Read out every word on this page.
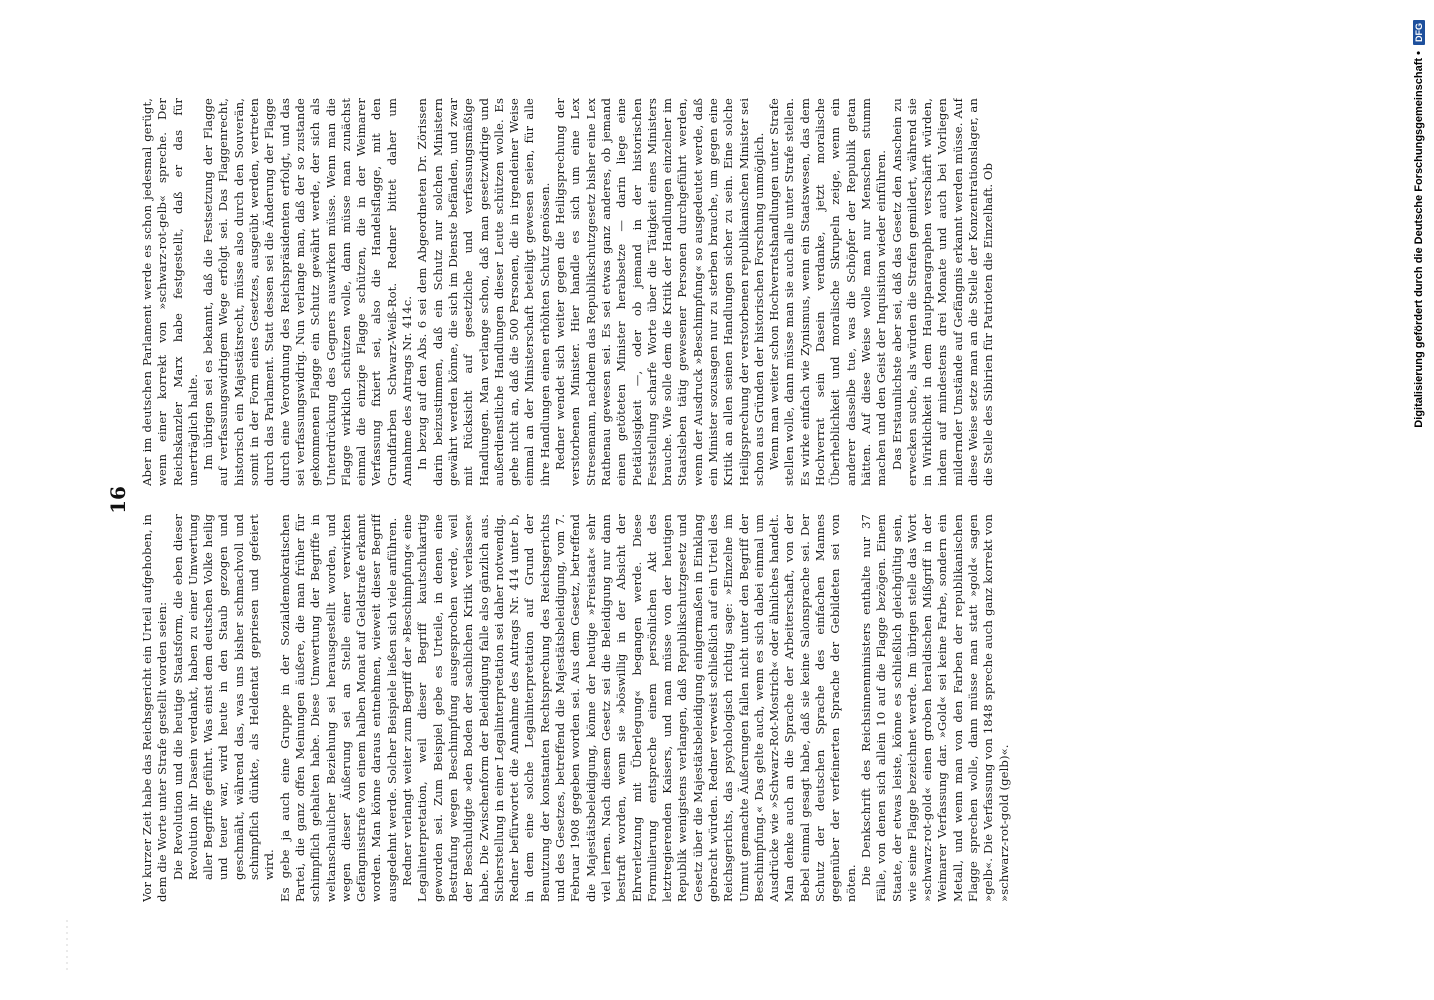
16

Vor kurzer Zeit habe das Reichsgericht ein Urteil aufgehoben, in dem die Worte unter Strafe gestellt worden seien: Die Revolution und die heutige Staatsform, die eben dieser Revolution ihr Dasein verdankt, haben zu einer Umwertung aller Begriffe geführt. Was einst dem deutschen Volke heilig und teuer war, wird heute in den Staub gezogen und geschmäht, während das, was uns bisher schmachvoll und schimpflich dünkte, als Heldentat gepriesen und gefeiert wird. Es gebe ja auch eine Gruppe in der Sozialdemokratischen Partei, die ganz offen Meinungen äußere, die man früher für schimpflich gehalten habe. Diese Umwertung der Begriffe in weltanschaulicher Beziehung sei herausgestellt worden, und wegen dieser Äußerung sei an Stelle einer verwirkten Gefängnisstrafe von einem halben Monat auf Geldstrafe erkannt worden. Man könne daraus entnehmen, wieweit dieser Begriff ausgedehnt werde. Solcher Beispiele ließen sich viele anführen. Redner verlangt weiter zum Begriff der »Beschimpfung« eine Legalinterpretation, weil dieser Begriff kautschukartig geworden sei. Zum Beispiel gebe es Urteile, in denen eine Bestrafung wegen Beschimpfung ausgesprochen werde, weil der Beschuldigte »den Boden der sachlichen Kritik verlassen« habe. Die Zwischenform der Beleidigung falle also gänzlich aus. Sicherstellung in einer Legalinterpretation sei daher notwendig. Redner befürwortet die Annahme des Antrags Nr. 414 unter b, in dem eine solche Legalinterpretation auf Grund der Benutzung der konstanten Rechtsprechung des Reichsgerichts und des Gesetzes, betreffend die Majestätsbeleidigung, vom 7. Februar 1908 gegeben worden sei. Aus dem Gesetz, betreffend die Majestätsbeleidigung, könne der heutige »Freistaat« sehr viel lernen. Nach diesem Gesetz sei die Beleidigung nur dann bestraft worden, wenn sie »böswillig in der Absicht der Ehrverletzung mit Überlegung« begangen werde. Diese Formulierung entspreche einem persönlichen Akt des letztregierenden Kaisers, und man müsse von der heutigen Republik wenigstens verlangen, daß Republikschutzgesetz und Gesetz über die Majestätsbeleidigung einigermaßen in Einklang gebracht würden. Redner verweist schließlich auf ein Urteil des Reichsgerichts, das psychologisch richtig sage: »Einzelne im Unmut gemachte Äußerungen fallen nicht unter den Begriff der Beschimpfung.« Das gelte auch, wenn es sich dabei einmal um Ausdrücke wie »Schwarz-Rot-Mostrich« oder ähnliches handelt. Man denke auch an die Sprache der Arbeiterschaft, von der Bebel einmal gesagt habe, daß sie keine Salonsprache sei. Der Schutz der deutschen Sprache des einfachen Mannes gegenüber der verfeinerten Sprache der Gebildeten sei von nöten. Die Denkschrift des Reichsinnenministers enthalte nur 37 Fälle, von denen sich allein 10 auf die Flagge bezögen. Einem Staate, der etwas leiste, könne es schließlich gleichgültig sein, wie seine Flagge bezeichnet werde. Im übrigen stelle das Wort »schwarz-rot-gold« einen groben heraldischen Mißgriff in der Weimarer Verfassung dar. »Gold« sei keine Farbe, sondern ein Metall, und wenn man von den Farben der republikanischen Flagge sprechen wolle, dann müsse man statt »gold« sagen »gelb«. Die Verfassung von 1848 spreche auch ganz korrekt von »schwarz-rot-gold (gelb)«.

Aber im deutschen Parlament werde es schon jedesmal gerügt, wenn einer korrekt von »schwarz-rot-gelb« spreche. Der Reichskanzler Marx habe festgestellt, daß er das für unerträglich halte. Im übrigen sei es bekannt, daß die Festsetzung der Flagge auf verfassungswidrigem Wege erfolgt sei. Das Flaggenrecht, historisch ein Majestätsrecht, müsse also durch den Souverän, somit in der Form eines Gesetzes, ausgeübt werden, vertreten durch das Parlament. Statt dessen sei die Änderung der Flagge durch eine Verordnung des Reichspräsidenten erfolgt, und das sei verfassungswidrig. Nun verlange man, daß der so zustande gekommenen Flagge ein Schutz gewährt werde, der sich als Unterdrückung des Gegners auswirken müsse. Wenn man die Flagge wirklich schützen wolle, dann müsse man zunächst einmal die einzige Flagge schützen, die in der Weimarer Verfassung fixiert sei, also die Handelsflagge, mit den Grundfarben Schwarz-Weiß-Rot. Redner bittet daher um Annahme des Antrags Nr. 414c. In bezug auf den Abs. 6 sei dem Abgeordneten Dr. Zörissen darin beizustimmen, daß ein Schutz nur solchen Ministern gewährt werden könne, die sich im Dienste befänden, und zwar mit Rücksicht auf gesetzliche und verfassungsmäßige Handlungen. Man verlange schon, daß man gesetzwidrige und außerdienstliche Handlungen dieser Leute schützen wolle. Es gehe nicht an, daß die 500 Personen, die in irgendeiner Weise einmal an der Ministerschaft beteiligt gewesen seien, für alle ihre Handlungen einen erhöhten Schutz genössen. Redner wendet sich weiter gegen die Heiligsprechung der verstorbenen Minister. Hier handle es sich um eine Lex Stresemann, nachdem das Republikschutzgesetz bisher eine Lex Rathenau gewesen sei. Es sei etwas ganz anderes, ob jemand einen getöteten Minister herabsetze — darin liege eine Pietätlosigkeit —, oder ob jemand in der historischen Feststellung scharfe Worte über die Tätigkeit eines Ministers brauche. Wie solle dem die Kritik der Handlungen einzelner im Staatsleben tätig gewesener Personen durchgeführt werden, wenn der Ausdruck »Beschimpfung« so ausgedeutet werde, daß ein Minister sozusagen nur zu sterben brauche, um gegen eine Kritik an allen seinen Handlungen sicher zu sein. Eine solche Heiligsprechung der verstorbenen republikanischen Minister sei schon aus Gründen der historischen Forschung unmöglich. Wenn man weiter schon Hochverratshandlungen unter Strafe stellen wolle, dann müsse man sie auch alle unter Strafe stellen. Es wirke einfach wie Zynismus, wenn ein Staatswesen, das dem Hochverrat sein Dasein verdanke, jetzt moralische Überheblichkeit und moralische Skrupeln zeige, wenn ein anderer dasselbe tue, was die Schöpfer der Republik getan hätten. Auf diese Weise wolle man nur Menschen stumm machen und den Geist der Inquisition wieder einführen. Das Erstaunlichste aber sei, daß das Gesetz den Anschein zu erwecken suche, als würden die Strafen gemildert, während sie in Wirklichkeit in dem Hauptparagraphen verschärft würden, indem auf mindestens drei Monate und auch bei Vorliegen mildernder Umstände auf Gefängnis erkannt werden müsse. Auf diese Weise setze man an die Stelle der Konzentrationslager, an die Stelle des Sibirien für Patrioten die Einzelhaft. Ob	Digitalisierung gefördert durch die Deutsche Forschungsgemeinschaft •
DFG
